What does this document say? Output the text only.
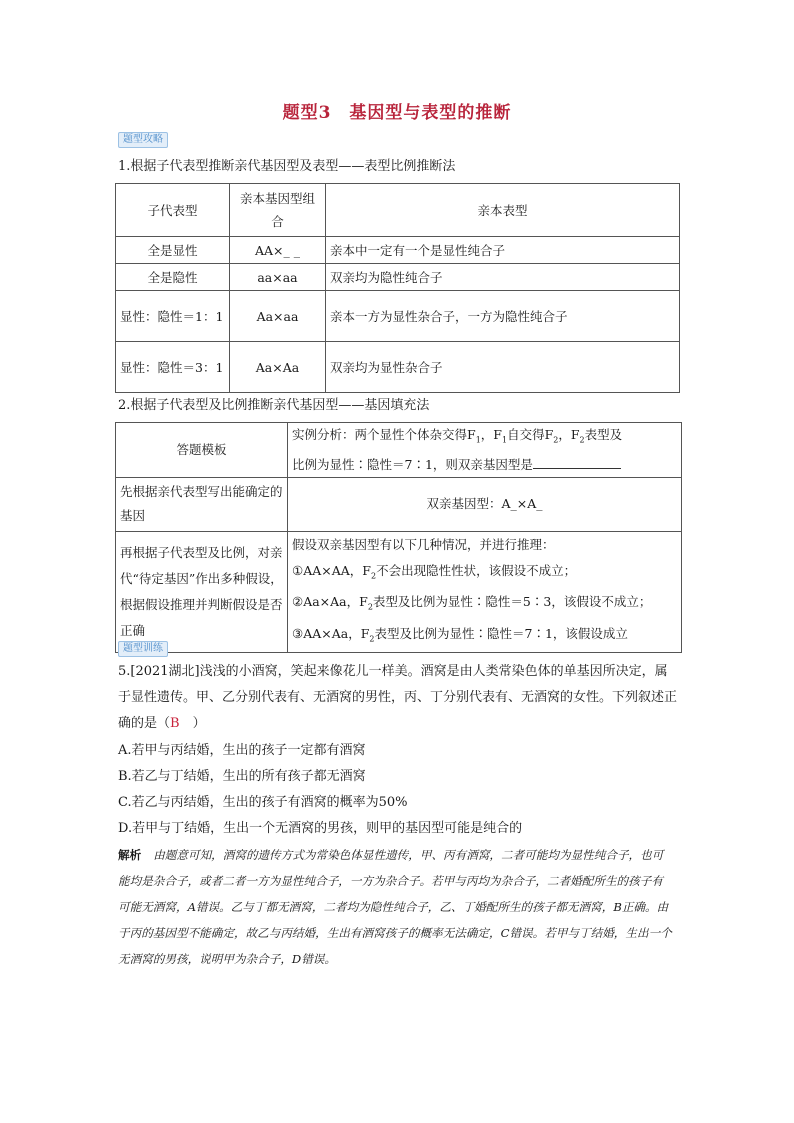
题型3　基因型与表型的推断
题型攻略
1.根据子代表型推断亲代基因型及表型——表型比例推断法
子代表型	亲本基因型组合	亲本表型
全是显性	AA×_ _	亲本中一定有一个是显性纯合子
全是隐性	aa×aa	双亲均为隐性纯合子
显性：隐性＝1：1	Aa×aa	亲本一方为显性杂合子，一方为隐性纯合子
显性：隐性＝3：1	Aa×Aa	双亲均为显性杂合子
2.根据子代表型及比例推断亲代基因型——基因填充法
答题模板	实例分析：两个显性个体杂交得$F_1$，$F_1$自交得$F_2$，$F_2$表型及
比例为显性∶隐性＝7∶1，则双亲基因型是
先根据亲代表型写出能确定的基因	双亲基因型：A_×A_
再根据子代表型及比例，对亲代“待定基因”作出多种假设，根据假设推理并判断假设是否正确	假设双亲基因型有以下几种情况，并进行推理：
①AA×AA，$F_2$不会出现隐性性状，该假设不成立；
②Aa×Aa，$F_2$表型及比例为显性∶隐性＝5∶3，该假设不成立；
③AA×Aa，$F_2$表型及比例为显性∶隐性＝7∶1，该假设成立
题型训练
5.[2021湖北]浅浅的小酒窝，笑起来像花儿一样美。酒窝是由人类常染色体的单基因所决定，属于显性遗传。甲、乙分别代表有、无酒窝的男性，丙、丁分别代表有、无酒窝的女性。下列叙述正确的是（B　）
A.若甲与丙结婚，生出的孩子一定都有酒窝
B.若乙与丁结婚，生出的所有孩子都无酒窝
C.若乙与丙结婚，生出的孩子有酒窝的概率为50%
D.若甲与丁结婚，生出一个无酒窝的男孩，则甲的基因型可能是纯合的
解析 由题意可知，酒窝的遗传方式为常染色体显性遗传，甲、丙有酒窝，二者可能均为显性纯合子，也可能均是杂合子，或者二者一方为显性纯合子，一方为杂合子。若甲与丙均为杂合子，二者婚配所生的孩子有可能无酒窝，A错误。乙与丁都无酒窝，二者均为隐性纯合子，乙、丁婚配所生的孩子都无酒窝，B正确。由于丙的基因型不能确定，故乙与丙结婚，生出有酒窝孩子的概率无法确定，C错误。若甲与丁结婚，生出一个无酒窝的男孩，说明甲为杂合子，D错误。
